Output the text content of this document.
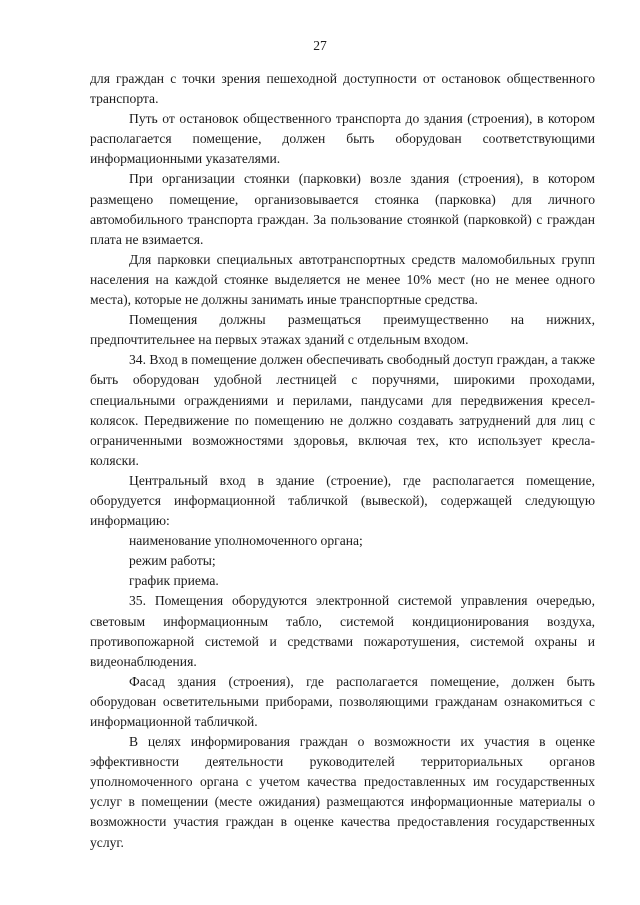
27

для граждан с точки зрения пешеходной доступности от остановок общественного транспорта.

Путь от остановок общественного транспорта до здания (строения), в котором располагается помещение, должен быть оборудован соответствующими информационными указателями.

При организации стоянки (парковки) возле здания (строения), в котором размещено помещение, организовывается стоянка (парковка) для личного автомобильного транспорта граждан. За пользование стоянкой (парковкой) с граждан плата не взимается.

Для парковки специальных автотранспортных средств маломобильных групп населения на каждой стоянке выделяется не менее 10% мест (но не менее одного места), которые не должны занимать иные транспортные средства.

Помещения должны размещаться преимущественно на нижних, предпочтительнее на первых этажах зданий с отдельным входом.

34. Вход в помещение должен обеспечивать свободный доступ граждан, а также быть оборудован удобной лестницей с поручнями, широкими проходами, специальными ограждениями и перилами, пандусами для передвижения кресел-колясок. Передвижение по помещению не должно создавать затруднений для лиц с ограниченными возможностями здоровья, включая тех, кто использует кресла-коляски.

Центральный вход в здание (строение), где располагается помещение, оборудуется информационной табличкой (вывеской), содержащей следующую информацию:

наименование уполномоченного органа;

режим работы;

график приема.

35. Помещения оборудуются электронной системой управления очередью, световым информационным табло, системой кондиционирования воздуха, противопожарной системой и средствами пожаротушения, системой охраны и видеонаблюдения.

Фасад здания (строения), где располагается помещение, должен быть оборудован осветительными приборами, позволяющими гражданам ознакомиться с информационной табличкой.

В целях информирования граждан о возможности их участия в оценке эффективности деятельности руководителей территориальных органов уполномоченного органа с учетом качества предоставленных им государственных услуг в помещении (месте ожидания) размещаются информационные материалы о возможности участия граждан в оценке качества предоставления государственных услуг.
